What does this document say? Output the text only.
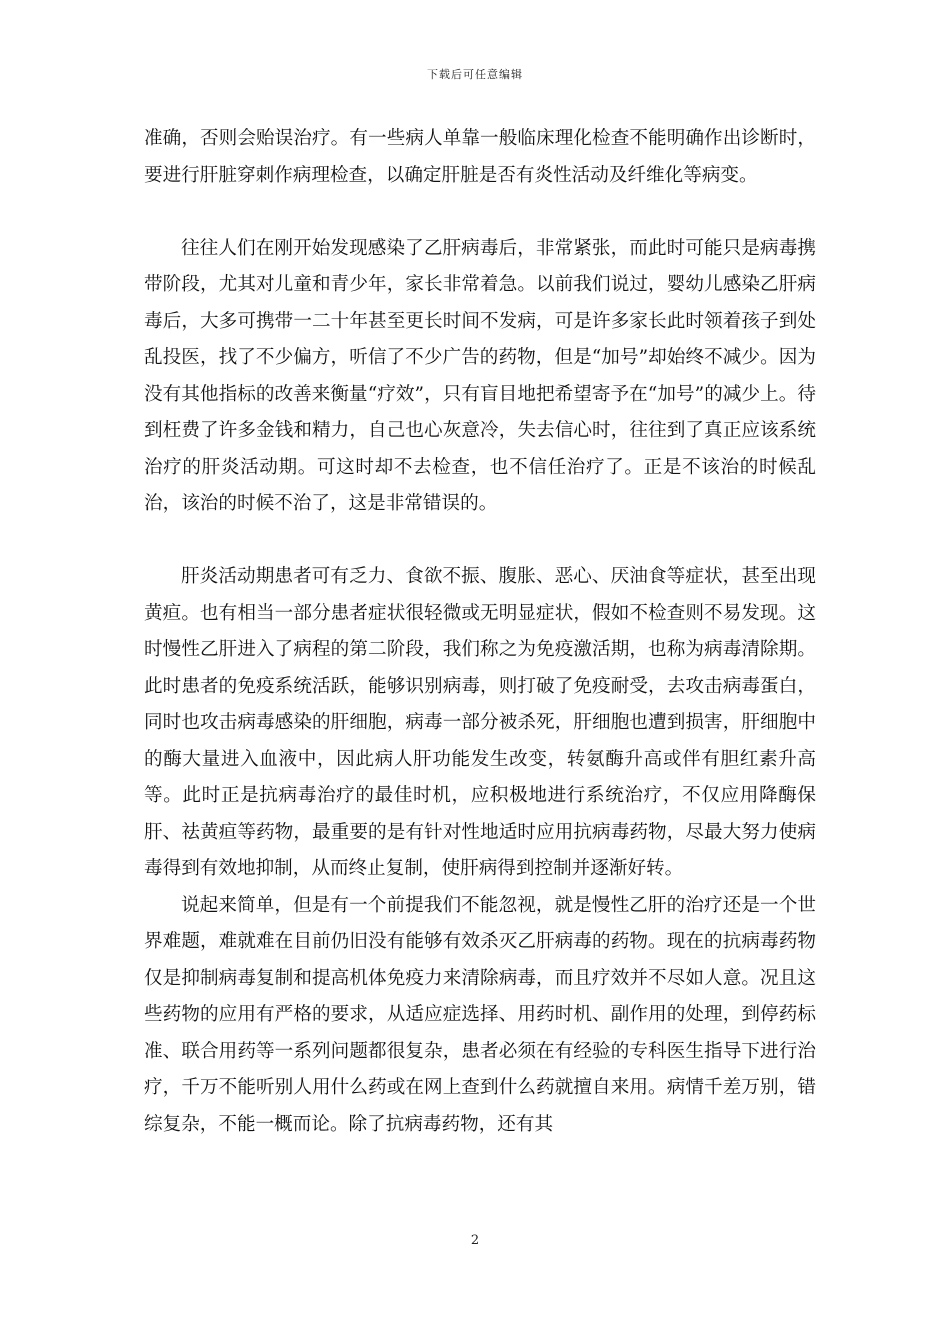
下载后可任意编辑

准确，否则会贻误治疗。有一些病人单靠一般临床理化检查不能明确作出诊断时，要进行肝脏穿刺作病理检查，以确定肝脏是否有炎性活动及纤维化等病变。

往往人们在刚开始发现感染了乙肝病毒后，非常紧张，而此时可能只是病毒携带阶段，尤其对儿童和青少年，家长非常着急。以前我们说过，婴幼儿感染乙肝病毒后，大多可携带一二十年甚至更长时间不发病，可是许多家长此时领着孩子到处乱投医，找了不少偏方，听信了不少广告的药物，但是“加号”却始终不减少。因为没有其他指标的改善来衡量“疗效”，只有盲目地把希望寄予在“加号”的减少上。待到枉费了许多金钱和精力，自己也心灰意冷，失去信心时，往往到了真正应该系统治疗的肝炎活动期。可这时却不去检查，也不信任治疗了。正是不该治的时候乱治，该治的时候不治了，这是非常错误的。

肝炎活动期患者可有乏力、食欲不振、腹胀、恶心、厌油食等症状，甚至出现黄疸。也有相当一部分患者症状很轻微或无明显症状，假如不检查则不易发现。这时慢性乙肝进入了病程的第二阶段，我们称之为免疫激活期，也称为病毒清除期。此时患者的免疫系统活跃，能够识别病毒，则打破了免疫耐受，去攻击病毒蛋白，同时也攻击病毒感染的肝细胞，病毒一部分被杀死，肝细胞也遭到损害，肝细胞中的酶大量进入血液中，因此病人肝功能发生改变，转氨酶升高或伴有胆红素升高等。此时正是抗病毒治疗的最佳时机，应积极地进行系统治疗，不仅应用降酶保肝、祛黄疸等药物，最重要的是有针对性地适时应用抗病毒药物，尽最大努力使病毒得到有效地抑制，从而终止复制，使肝病得到控制并逐渐好转。

说起来简单，但是有一个前提我们不能忽视，就是慢性乙肝的治疗还是一个世界难题，难就难在目前仍旧没有能够有效杀灭乙肝病毒的药物。现在的抗病毒药物仅是抑制病毒复制和提高机体免疫力来清除病毒，而且疗效并不尽如人意。况且这些药物的应用有严格的要求，从适应症选择、用药时机、副作用的处理，到停药标准、联合用药等一系列问题都很复杂，患者必须在有经验的专科医生指导下进行治疗，千万不能听别人用什么药或在网上查到什么药就擅自来用。病情千差万别，错综复杂，不能一概而论。除了抗病毒药物，还有其

2
